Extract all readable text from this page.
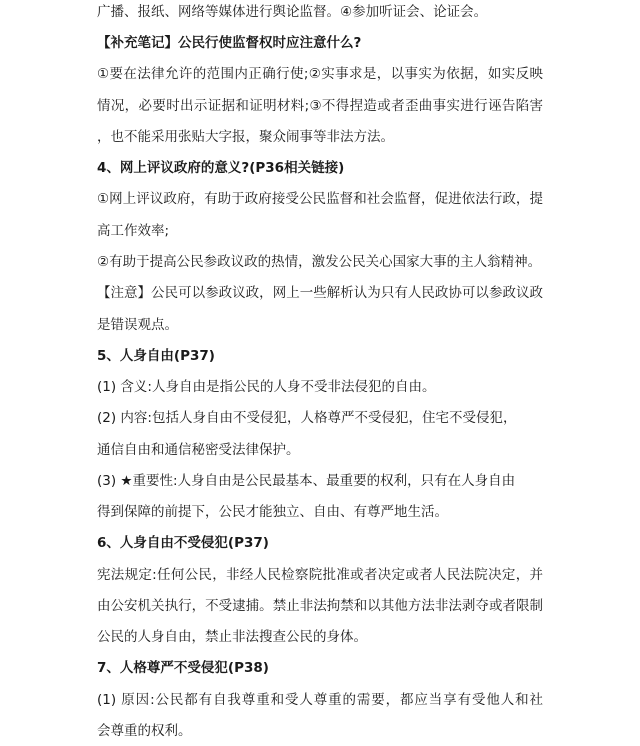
广播、报纸、网络等媒体进行舆论监督。④参加听证会、论证会。
【补充笔记】公民行使监督权时应注意什么?
①要在法律允许的范围内正确行使;②实事求是，以事实为依据，如实反映
情况，必要时出示证据和证明材料;③不得捏造或者歪曲事实进行诬告陷害
，也不能采用张贴大字报，聚众闹事等非法方法。
4、网上评议政府的意义?(P36相关链接)
①网上评议政府，有助于政府接受公民监督和社会监督，促进依法行政，提
高工作效率;
②有助于提高公民参政议政的热情，激发公民关心国家大事的主人翁精神。
【注意】公民可以参政议政，网上一些解析认为只有人民政协可以参政议政
是错误观点。
5、人身自由(P37)
(1) 含义:人身自由是指公民的人身不受非法侵犯的自由。
(2) 内容:包括人身自由不受侵犯，人格尊严不受侵犯，住宅不受侵犯，
通信自由和通信秘密受法律保护。
(3) ★重要性:人身自由是公民最基本、最重要的权利，只有在人身自由
得到保障的前提下，公民才能独立、自由、有尊严地生活。
6、人身自由不受侵犯(P37)
宪法规定:任何公民，非经人民检察院批准或者决定或者人民法院决定，并
由公安机关执行，不受逮捕。禁止非法拘禁和以其他方法非法剥夺或者限制
公民的人身自由，禁止非法搜查公民的身体。
7、人格尊严不受侵犯(P38)
(1) 原因:公民都有自我尊重和受人尊重的需要，都应当享有受他人和社
会尊重的权利。
